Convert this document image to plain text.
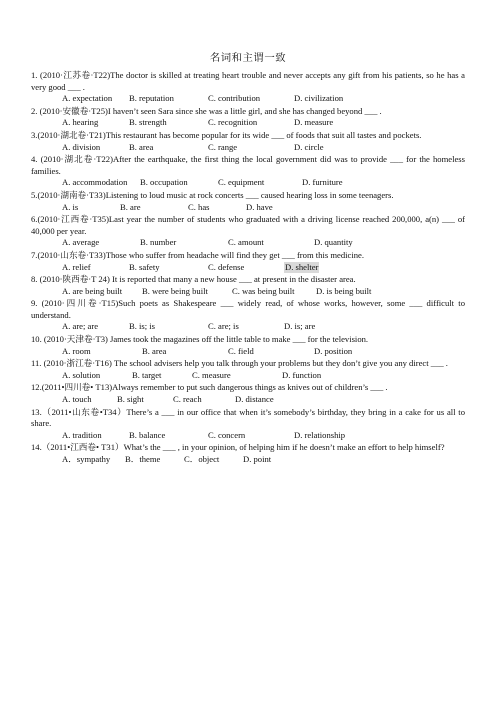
名词和主谓一致
1. (2010·江苏卷·T22)The doctor is skilled at treating heart trouble and never accepts any gift from his patients, so he has a very good ___ .
A. expectation	B. reputation	C. contribution	D. civilization
2. (2010·安徽卷·T25)I haven’t seen Sara since she was a little girl, and she has changed beyond ___ .
A. hearing	B. strength	C. recognition	D. measure
3.(2010·湖北卷·T21)This restaurant has become popular for its wide ___ of foods that suit all tastes and pockets.
A. division	B. area	C. range	D. circle
4. (2010·湖北卷·T22)After the earthquake, the first thing the local government did was to provide ___ for the homeless families.
A. accommodation	B. occupation	C. equipment	D. furniture
5.(2010·湖南卷·T33)Listening to loud music at rock concerts ___ caused hearing loss in some teenagers.
A. is	B. are	C. has	D. have
6.(2010·江西卷·T35)Last year the number of students who graduated with a driving license reached 200,000, a(n) ___ of 40,000 per year.
A. average	B. number	C. amount	D. quantity
7.(2010·山东卷·T33)Those who suffer from headache will find they get ___ from this medicine.
A. relief	B. safety	C. defense	D. shelter
8. (2010·陕西卷·T 24) It is reported that many a new house ___ at present in the disaster area.
A. are being built	B. were being built	C. was being built	D. is being built
9. (2010·四川卷·T15)Such poets as Shakespeare ___ widely read, of whose works, however, some ___ difficult to understand.
A. are; are	B. is; is	C. are; is	D. is; are
10. (2010·天津卷·T3) James took the magazines off the little table to make ___ for the television.
A. room	B. area	C. field	D. position
11. (2010·浙江卷·T16) The school advisers help you talk through your problems but they don’t give you any direct ___ .
A. solution	B. target	C. measure	D. function
12.(2011•四川卷• T13)Always remember to put such dangerous things as knives out of children’s ___ .
A. touch	B. sight	C. reach	D. distance
13.（2011•山东卷•T34）There’s a ___ in our office that when it’s somebody’s birthday, they bring in a cake for us all to share.
A. tradition	B. balance	C. concern	D. relationship
14.（2011•江西卷• T31）What’s the ___ , in your opinion, of helping him if he doesn’t make an effort to help himself?
A．sympathy	B．theme	C．object	D. point
